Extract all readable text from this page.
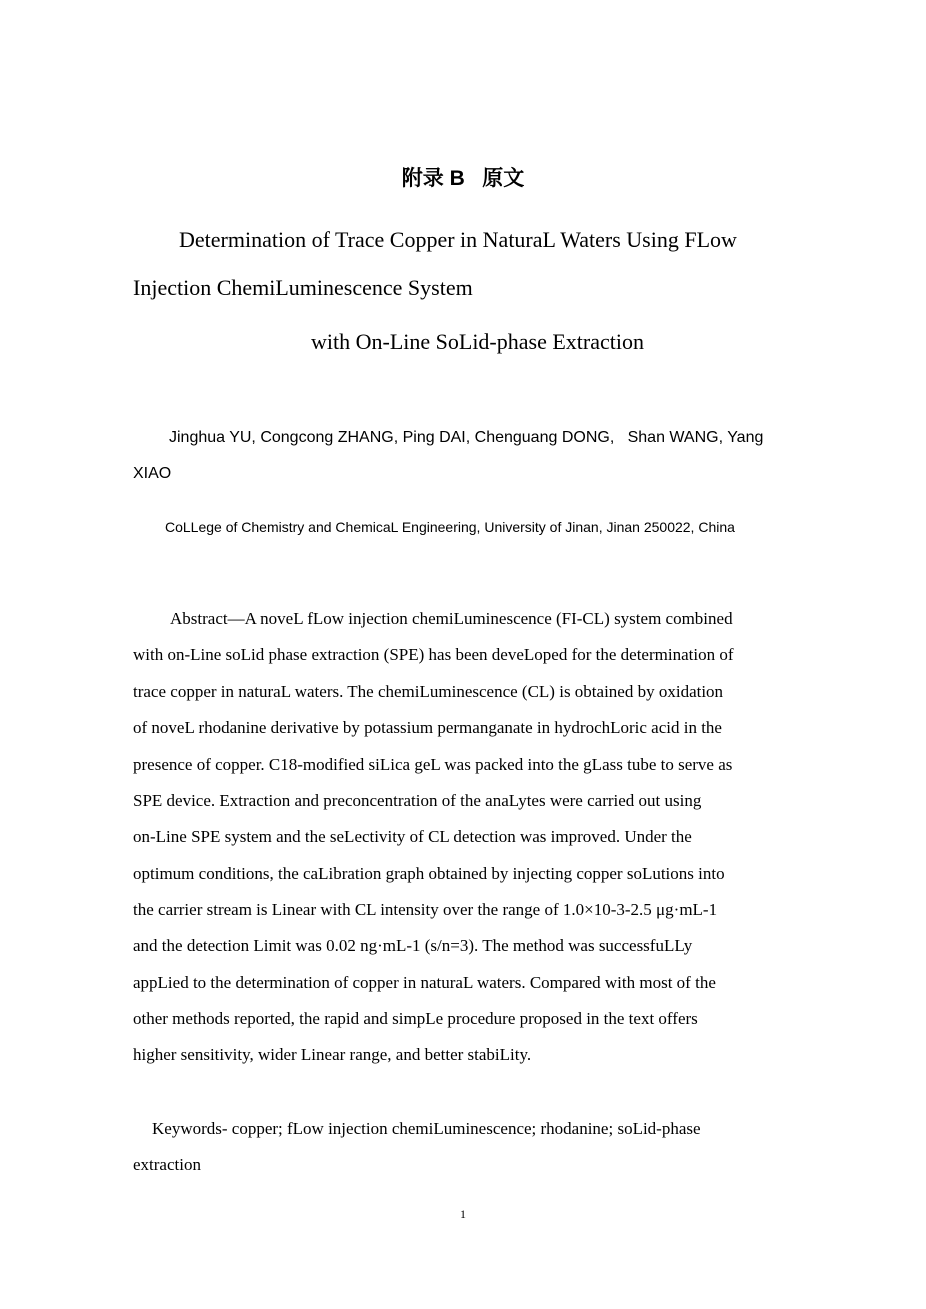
附录 B   原文
Determination of Trace Copper in NaturaL Waters Using FLow
Injection ChemiLuminescence System
with On-Line SoLid-phase Extraction
Jinghua YU, Congcong ZHANG, Ping DAI, Chenguang DONG,   Shan WANG, Yang XIAO
CoLLege of Chemistry and ChemicaL Engineering, University of Jinan, Jinan 250022, China
Abstract—A noveL fLow injection chemiLuminescence (FI-CL) system combined
with on-Line soLid phase extraction (SPE) has been deveLoped for the determination of
trace copper in naturaL waters. The chemiLuminescence (CL) is obtained by oxidation
of noveL rhodanine derivative by potassium permanganate in hydrochLoric acid in the
presence of copper. C18-modified siLica geL was packed into the gLass tube to serve as
SPE device. Extraction and preconcentration of the anaLytes were carried out using
on-Line SPE system and the seLectivity of CL detection was improved. Under the
optimum conditions, the caLibration graph obtained by injecting copper soLutions into
the carrier stream is Linear with CL intensity over the range of 1.0×10-3-2.5 μg·mL-1
and the detection Limit was 0.02 ng·mL-1 (s/n=3). The method was successfuLLy
appLied to the determination of copper in naturaL waters. Compared with most of the
other methods reported, the rapid and simpLe procedure proposed in the text offers
higher sensitivity, wider Linear range, and better stabiLity.
Keywords- copper; fLow injection chemiLuminescence; rhodanine; soLid-phase
extraction
1
